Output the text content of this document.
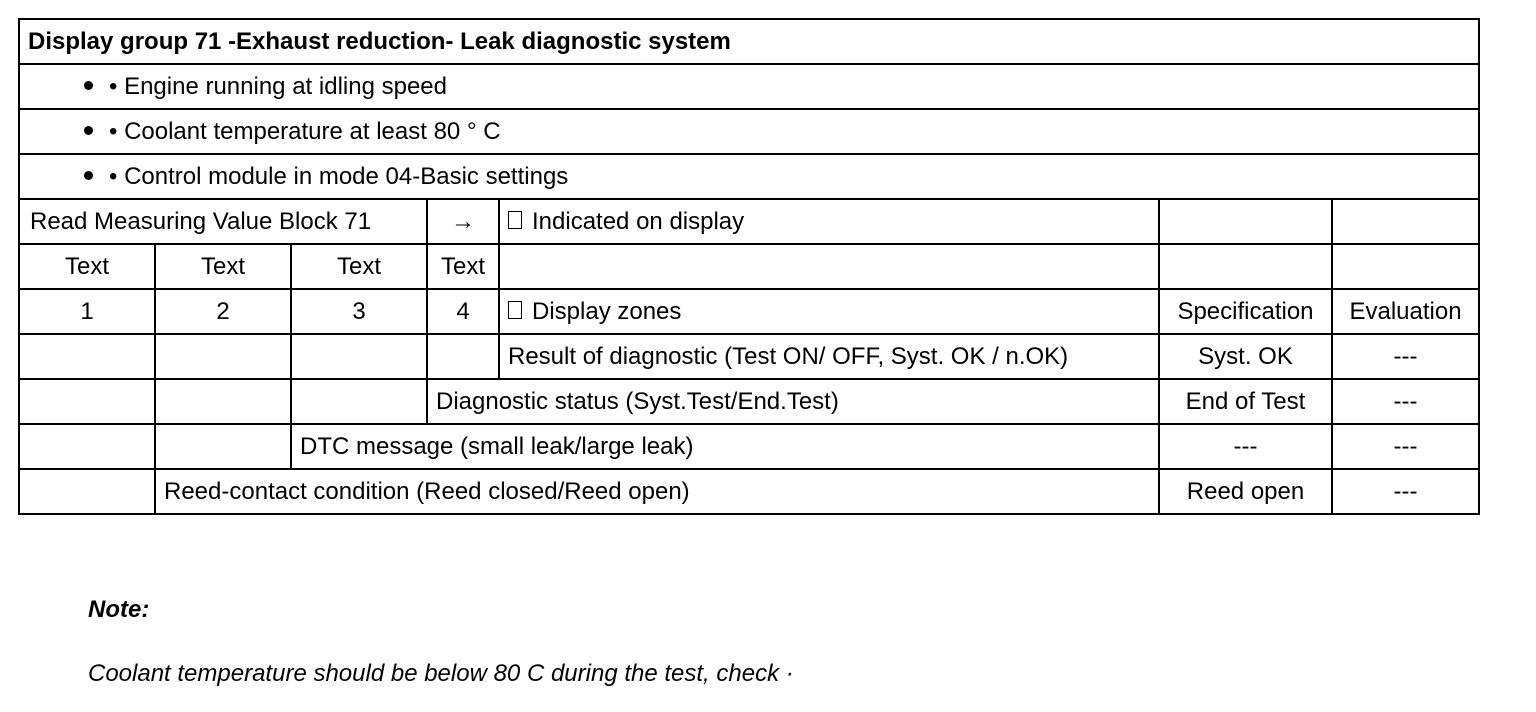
Display group 71 -Exhaust reduction- Leak diagnostic system						
• Engine running at idling speed						
• Coolant temperature at least 80 ° C						
• Control module in mode 04-Basic settings						
Read Measuring Value Block 71			→	Indicated on display		
Text	Text	Text	Text			
1	2	3	4	Display zones	Specification	Evaluation
				Result of diagnostic (Test ON/ OFF, Syst. OK / n.OK)	Syst. OK	---
			Diagnostic status (Syst.Test/End.Test)		End of Test	---
		DTC message (small leak/large leak)			---	---
	Reed-contact condition (Reed closed/Reed open)				Reed open	---
Note:
Coolant temperature should be below 80 C during the test, check ·
